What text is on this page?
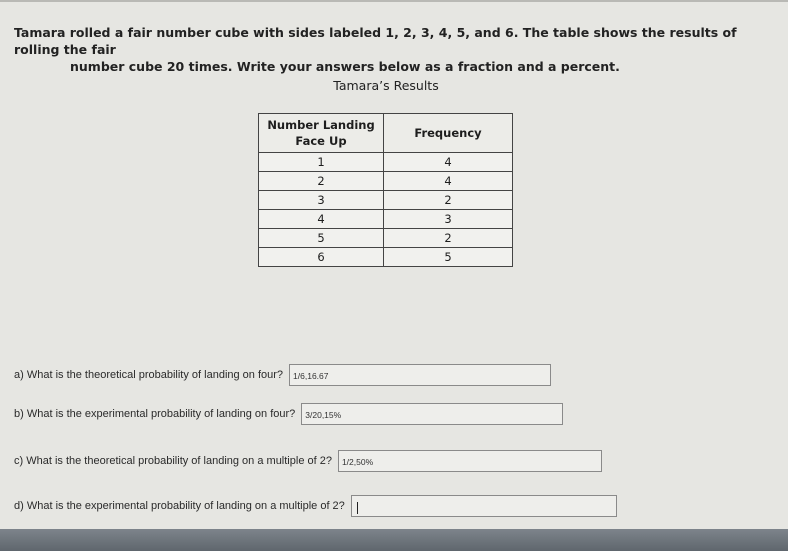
Tamara rolled a fair number cube with sides labeled 1, 2, 3, 4, 5, and 6. The table shows the results of rolling the fair
number cube 20 times. Write your answers below as a fraction and a percent.
Tamara’s Results
Number Landing
Face Up	Frequency
1	4
2	4
3	2
4	3
5	2
6	5
a) What is the theoretical probability of landing on four?	1/6,16.67
b) What is the experimental probability of landing on four?	3/20,15%
c) What is the theoretical probability of landing on a multiple of 2?	1/2,50%
d) What is the experimental probability of landing on a multiple of 2?
